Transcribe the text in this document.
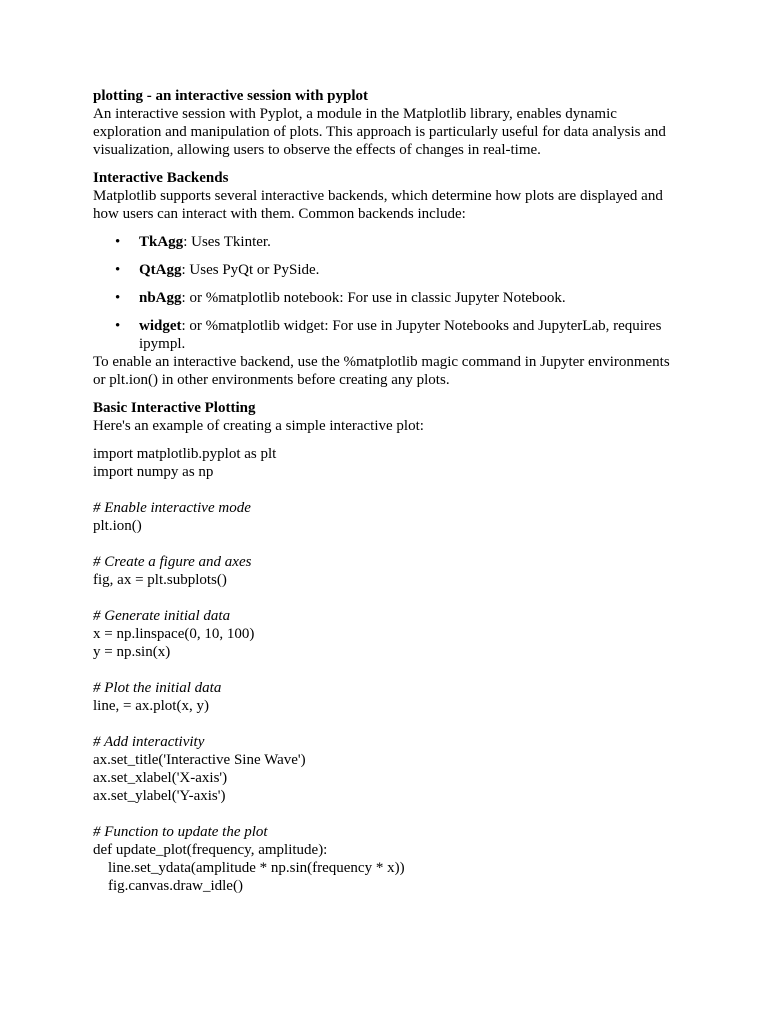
plotting - an interactive session with pyplot

An interactive session with Pyplot, a module in the Matplotlib library, enables dynamic exploration and manipulation of plots. This approach is particularly useful for data analysis and visualization, allowing users to observe the effects of changes in real-time.

Interactive Backends

Matplotlib supports several interactive backends, which determine how plots are displayed and how users can interact with them. Common backends include:

• TkAgg: Uses Tkinter.
• QtAgg: Uses PyQt or PySide.
• nbAgg: or %matplotlib notebook: For use in classic Jupyter Notebook.
• widget: or %matplotlib widget: For use in Jupyter Notebooks and JupyterLab, requires ipympl.

To enable an interactive backend, use the %matplotlib magic command in Jupyter environments or plt.ion() in other environments before creating any plots.

Basic Interactive Plotting

Here's an example of creating a simple interactive plot:

import matplotlib.pyplot as plt
import numpy as np
# Enable interactive mode
plt.ion()
# Create a figure and axes
fig, ax = plt.subplots()
# Generate initial data
x = np.linspace(0, 10, 100)
y = np.sin(x)
# Plot the initial data
line, = ax.plot(x, y)
# Add interactivity
ax.set_title('Interactive Sine Wave')
ax.set_xlabel('X-axis')
ax.set_ylabel('Y-axis')
# Function to update the plot
def update_plot(frequency, amplitude):
line.set_ydata(amplitude * np.sin(frequency * x))
fig.canvas.draw_idle()
